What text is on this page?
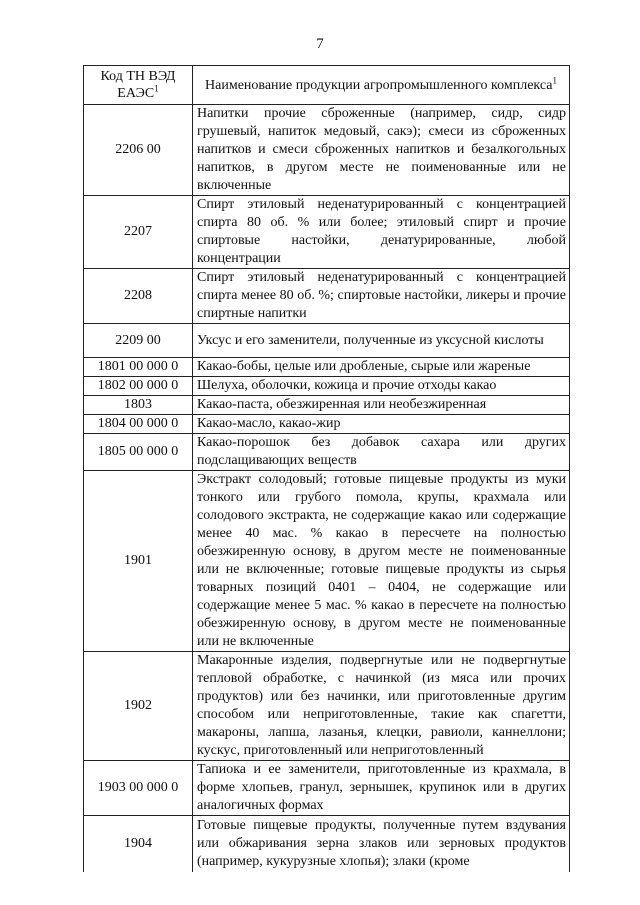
7
Код ТН ВЭД ЕАЭС$^1$	Наименование продукции агропромышленного комплекса$^1$
2206 00	Напитки прочие сброженные (например, сидр, сидр грушевый, напиток медовый, сакэ); смеси из сброженных напитков и смеси сброженных напитков и безалкогольных напитков, в другом месте не поименованные или не включенные
2207	Спирт этиловый неденатурированный с концентрацией спирта 80 об. % или более; этиловый спирт и прочие спиртовые настойки, денатурированные, любой концентрации
2208	Спирт этиловый неденатурированный с концентрацией спирта менее 80 об. %; спиртовые настойки, ликеры и прочие спиртные напитки
2209 00	Уксус и его заменители, полученные из уксусной кислоты
1801 00 000 0	Какао-бобы, целые или дробленые, сырые или жареные
1802 00 000 0	Шелуха, оболочки, кожица и прочие отходы какао
1803	Какао-паста, обезжиренная или необезжиренная
1804 00 000 0	Какао-масло, какао-жир
1805 00 000 0	Какао-порошок без добавок сахара или других подслащивающих веществ
1901	Экстракт солодовый; готовые пищевые продукты из муки тонкого или грубого помола, крупы, крахмала или солодового экстракта, не содержащие какао или содержащие менее 40 мас. % какао в пересчете на полностью обезжиренную основу, в другом месте не поименованные или не включенные; готовые пищевые продукты из сырья товарных позиций 0401 – 0404, не содержащие или содержащие менее 5 мас. % какао в пересчете на полностью обезжиренную основу, в другом месте не поименованные или не включенные
1902	Макаронные изделия, подвергнутые или не подвергнутые тепловой обработке, с начинкой (из мяса или прочих продуктов) или без начинки, или приготовленные другим способом или неприготовленные, такие как спагетти, макароны, лапша, лазанья, клецки, равиоли, каннеллони; кускус, приготовленный или неприготовленный
1903 00 000 0	Тапиока и ее заменители, приготовленные из крахмала, в форме хлопьев, гранул, зернышек, крупинок или в других аналогичных формах
1904	Готовые пищевые продукты, полученные путем вздувания или обжаривания зерна злаков или зерновых продуктов (например, кукурузные хлопья); злаки (кроме
